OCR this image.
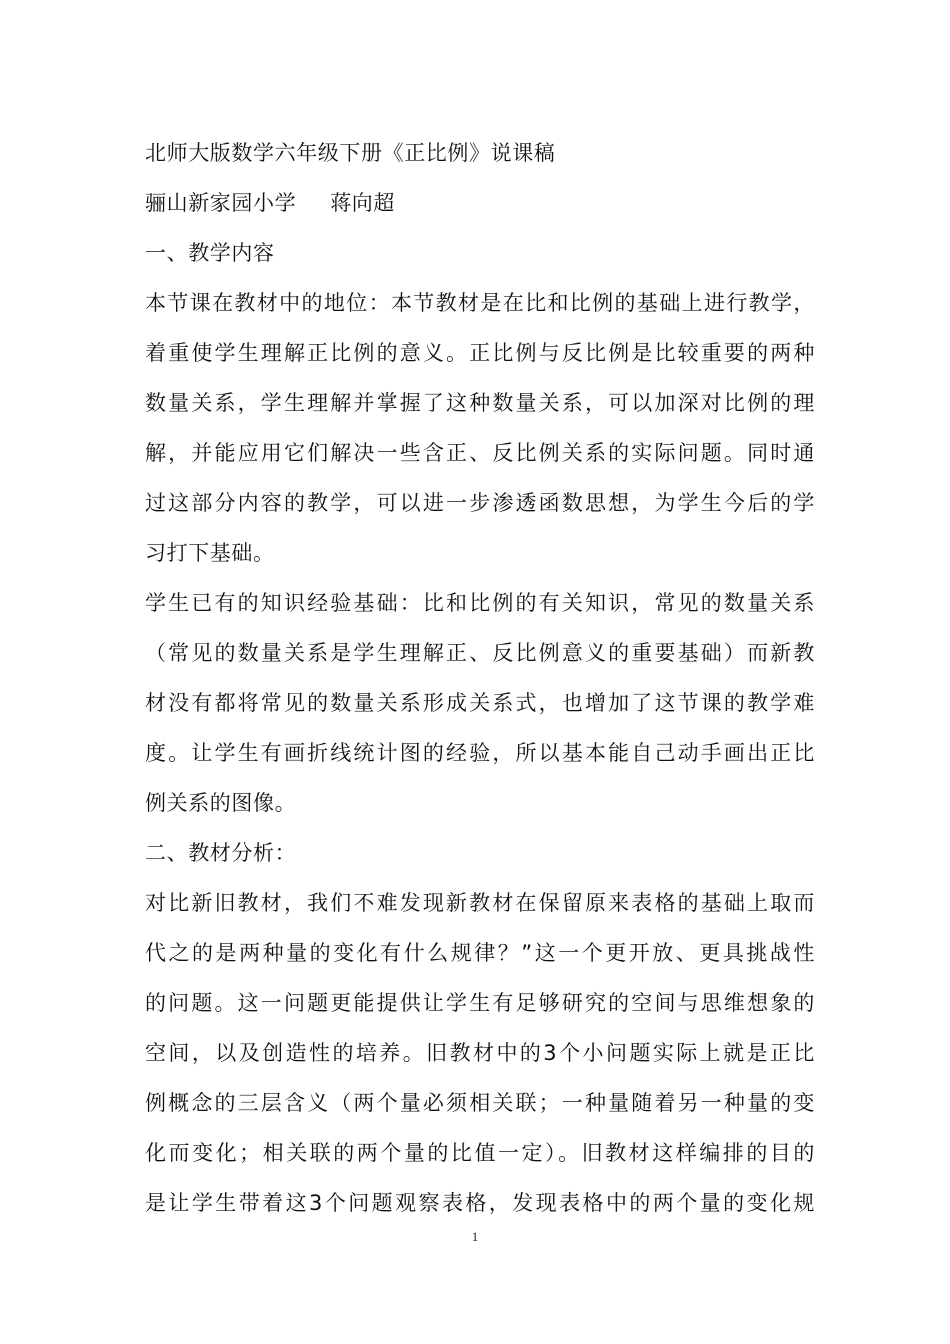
北师大版数学六年级下册《正比例》说课稿
骊山新家园小学 蒋向超
一、教学内容
本节课在教材中的地位：本节教材是在比和比例的基础上进行教学，
着重使学生理解正比例的意义。正比例与反比例是比较重要的两种
数量关系，学生理解并掌握了这种数量关系，可以加深对比例的理
解，并能应用它们解决一些含正、反比例关系的实际问题。同时通
过这部分内容的教学，可以进一步渗透函数思想，为学生今后的学
习打下基础。
学生已有的知识经验基础：比和比例的有关知识，常见的数量关系
（常见的数量关系是学生理解正、反比例意义的重要基础）而新教
材没有都将常见的数量关系形成关系式，也增加了这节课的教学难
度。让学生有画折线统计图的经验，所以基本能自己动手画出正比
例关系的图像。
二、教材分析：
对比新旧教材，我们不难发现新教材在保留原来表格的基础上取而
代之的是两种量的变化有什么规律？”这一个更开放、更具挑战性
的问题。这一问题更能提供让学生有足够研究的空间与思维想象的
空间，以及创造性的培养。旧教材中的3个小问题实际上就是正比
例概念的三层含义（两个量必须相关联；一种量随着另一种量的变
化而变化；相关联的两个量的比值一定）。旧教材这样编排的目的
是让学生带着这3个问题观察表格，发现表格中的两个量的变化规
1
